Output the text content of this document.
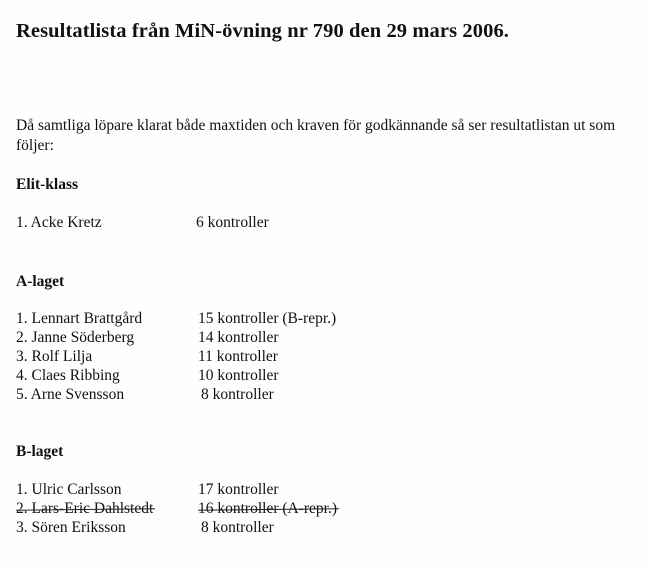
Resultatlista från MiN-övning nr 790 den 29 mars 2006.
Då samtliga löpare klarat både maxtiden och kraven för godkännande så ser resultatlistan ut som följer:
Elit-klass
1. Acke Kretz	6 kontroller
A-laget
1. Lennart Brattgård	15 kontroller (B-repr.)
2. Janne Söderberg	14 kontroller
3. Rolf Lilja	11 kontroller
4. Claes Ribbing	10 kontroller
5. Arne Svensson	8 kontroller
B-laget
1. Ulric Carlsson	17 kontroller
2. Lars-Eric Dahlstedt	16 kontroller (A-repr.)
3. Sören Eriksson	8 kontroller
